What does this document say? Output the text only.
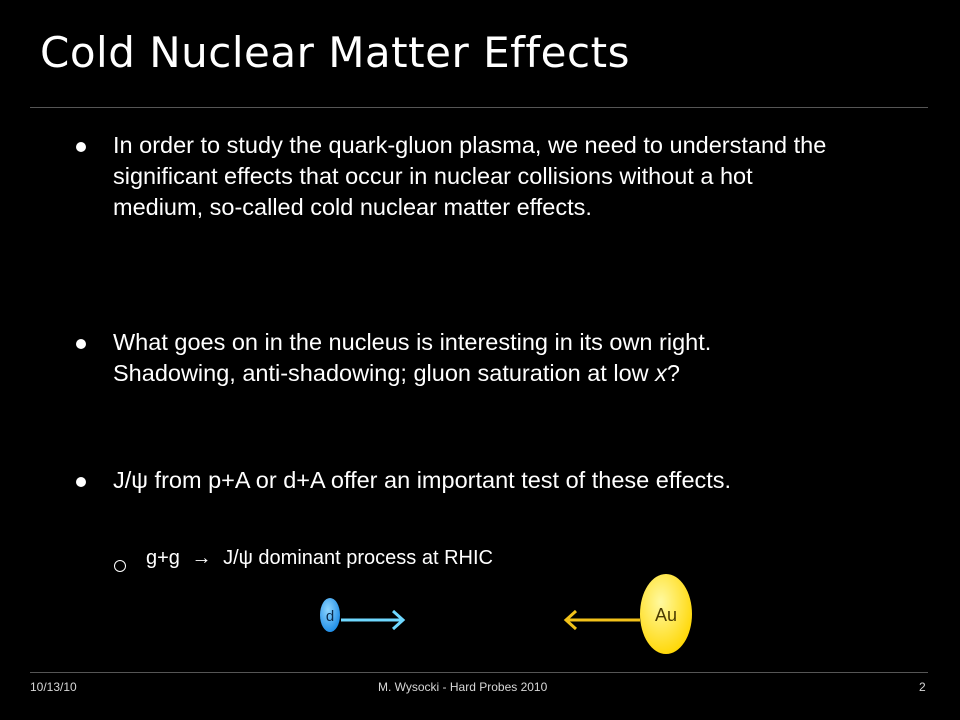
Cold Nuclear Matter Effects
In order to study the quark-gluon plasma, we need to understand the significant effects that occur in nuclear collisions without a hot medium, so-called cold nuclear matter effects.
What goes on in the nucleus is interesting in its own right.
Shadowing, anti-shadowing; gluon saturation at low x?
J/ψ from p+A or d+A offer an important test of these effects.
g+g → J/ψ dominant process at RHIC
d	Au
10/13/10	M. Wysocki - Hard Probes 2010	2
